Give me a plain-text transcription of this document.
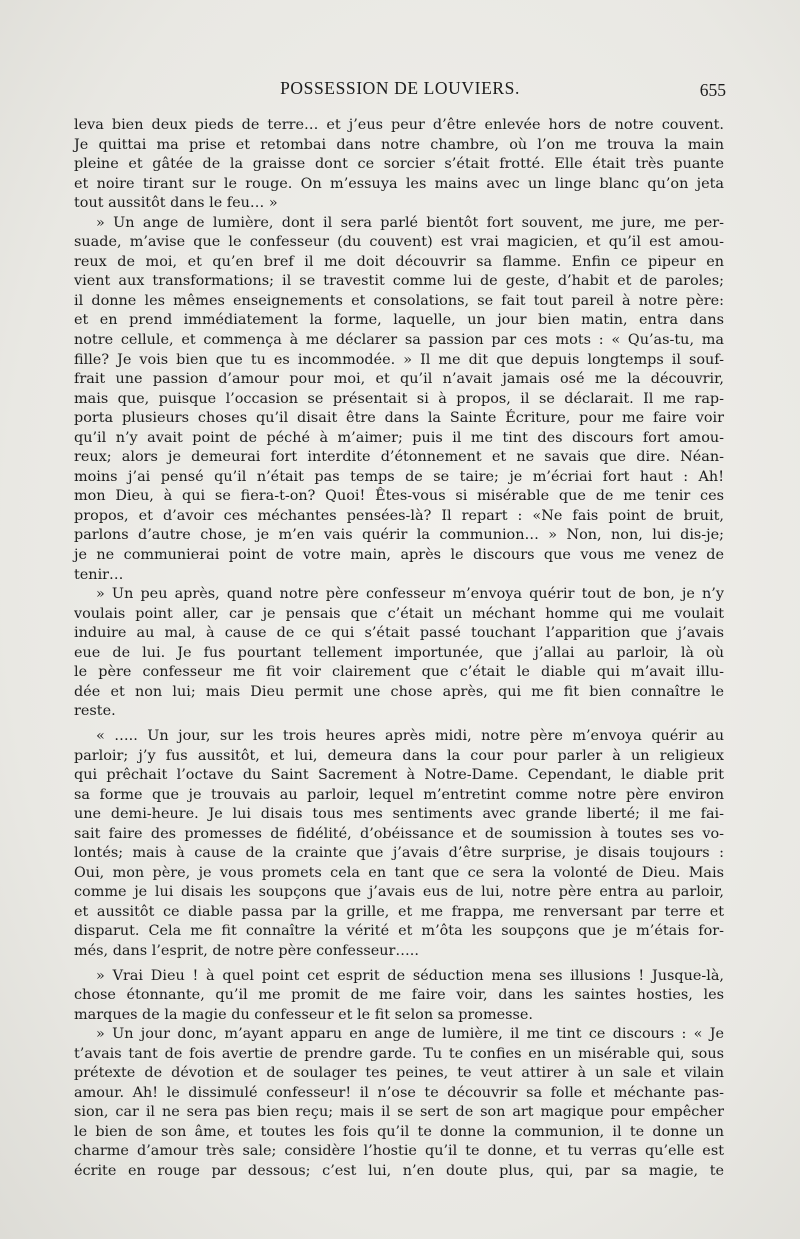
POSSESSION DE LOUVIERS.	655
leva bien deux pieds de terre… et j’eus peur d’être enlevée hors de notre couvent.
Je quittai ma prise et retombai dans notre chambre, où l’on me trouva la main
pleine et gâtée de la graisse dont ce sorcier s’était frotté. Elle était très puante
et noire tirant sur le rouge. On m’essuya les mains avec un linge blanc qu’on jeta
tout aussitôt dans le feu… »
» Un ange de lumière, dont il sera parlé bientôt fort souvent, me jure, me per-
suade, m’avise que le confesseur (du couvent) est vrai magicien, et qu’il est amou-
reux de moi, et qu’en bref il me doit découvrir sa flamme. Enfin ce pipeur en
vient aux transformations; il se travestit comme lui de geste, d’habit et de paroles;
il donne les mêmes enseignements et consolations, se fait tout pareil à notre père:
et en prend immédiatement la forme, laquelle, un jour bien matin, entra dans
notre cellule, et commença à me déclarer sa passion par ces mots : « Qu’as-tu, ma
fille? Je vois bien que tu es incommodée. » Il me dit que depuis longtemps il souf-
frait une passion d’amour pour moi, et qu’il n’avait jamais osé me la découvrir,
mais que, puisque l’occasion se présentait si à propos, il se déclarait. Il me rap-
porta plusieurs choses qu’il disait être dans la Sainte Écriture, pour me faire voir
qu’il n’y avait point de péché à m’aimer; puis il me tint des discours fort amou-
reux; alors je demeurai fort interdite d’étonnement et ne savais que dire. Néan-
moins j’ai pensé qu’il n’était pas temps de se taire; je m’écriai fort haut : Ah!
mon Dieu, à qui se fiera-t-on? Quoi! Êtes-vous si misérable que de me tenir ces
propos, et d’avoir ces méchantes pensées-là? Il repart : «Ne fais point de bruit,
parlons d’autre chose, je m’en vais quérir la communion… » Non, non, lui dis-je;
je ne communierai point de votre main, après le discours que vous me venez de
tenir…
» Un peu après, quand notre père confesseur m’envoya quérir tout de bon, je n’y
voulais point aller, car je pensais que c’était un méchant homme qui me voulait
induire au mal, à cause de ce qui s’était passé touchant l’apparition que j’avais
eue de lui. Je fus pourtant tellement importunée, que j’allai au parloir, là où
le père confesseur me fit voir clairement que c’était le diable qui m’avait illu-
dée et non lui; mais Dieu permit une chose après, qui me fit bien connaître le
reste.
« ….. Un jour, sur les trois heures après midi, notre père m’envoya quérir au
parloir; j’y fus aussitôt, et lui, demeura dans la cour pour parler à un religieux
qui prêchait l’octave du Saint Sacrement à Notre-Dame. Cependant, le diable prit
sa forme que je trouvais au parloir, lequel m’entretint comme notre père environ
une demi-heure. Je lui disais tous mes sentiments avec grande liberté; il me fai-
sait faire des promesses de fidélité, d’obéissance et de soumission à toutes ses vo-
lontés; mais à cause de la crainte que j’avais d’être surprise, je disais toujours :
Oui, mon père, je vous promets cela en tant que ce sera la volonté de Dieu. Mais
comme je lui disais les soupçons que j’avais eus de lui, notre père entra au parloir,
et aussitôt ce diable passa par la grille, et me frappa, me renversant par terre et
disparut. Cela me fit connaître la vérité et m’ôta les soupçons que je m’étais for-
més, dans l’esprit, de notre père confesseur…..
» Vrai Dieu ! à quel point cet esprit de séduction mena ses illusions ! Jusque-là,
chose étonnante, qu’il me promit de me faire voir, dans les saintes hosties, les
marques de la magie du confesseur et le fit selon sa promesse.
» Un jour donc, m’ayant apparu en ange de lumière, il me tint ce discours : « Je
t’avais tant de fois avertie de prendre garde. Tu te confies en un misérable qui, sous
prétexte de dévotion et de soulager tes peines, te veut attirer à un sale et vilain
amour. Ah! le dissimulé confesseur! il n’ose te découvrir sa folle et méchante pas-
sion, car il ne sera pas bien reçu; mais il se sert de son art magique pour empêcher
le bien de son âme, et toutes les fois qu’il te donne la communion, il te donne un
charme d’amour très sale; considère l’hostie qu’il te donne, et tu verras qu’elle est
écrite en rouge par dessous; c’est lui, n’en doute plus, qui, par sa magie, te
